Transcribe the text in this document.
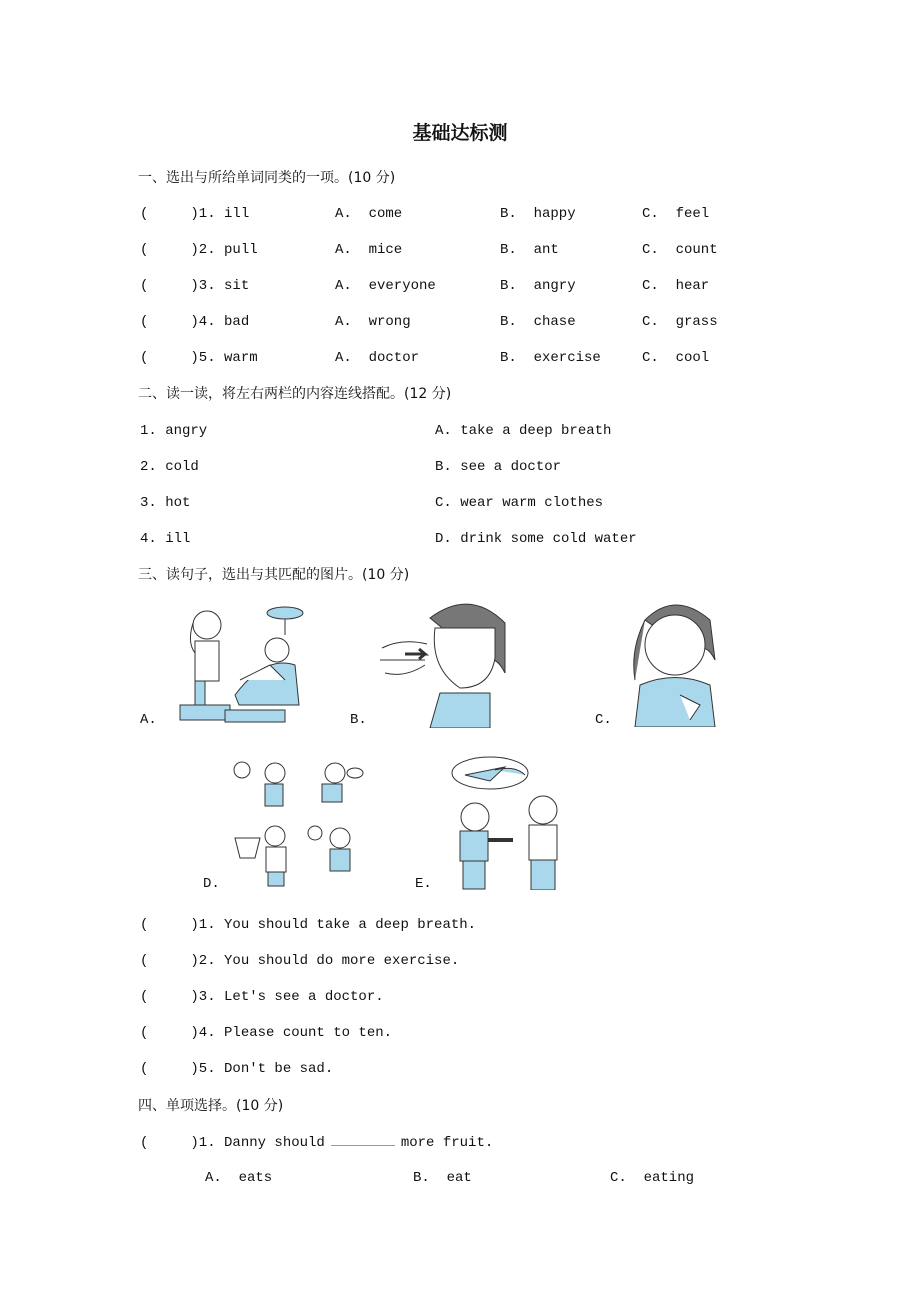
基础达标测
一、选出与所给单词同类的一项。(10 分)
(     )1. ill	A.  come	B.  happy	C.  feel
(     )2. pull	A.  mice	B.  ant	C.  count
(     )3. sit	A.  everyone	B.  angry	C.  hear
(     )4. bad	A.  wrong	B.  chase	C.  grass
(     )5. warm	A.  doctor	B.  exercise	C.  cool
二、读一读，将左右两栏的内容连线搭配。(12 分)
1. angry	A. take a deep breath
2. cold	B. see a doctor
3. hot	C. wear warm clothes
4. ill	D. drink some cold water
三、读句子，选出与其匹配的图片。(10 分)
A.	B.	C.
D.	E.
(     )1. You should take a deep breath.
(     )2. You should do more exercise.
(     )3. Let's see a doctor.
(     )4. Please count to ten.
(     )5. Don't be sad.
四、单项选择。(10 分)
(     )1. Danny should	more fruit.
A.  eats	B.  eat	C.  eating
